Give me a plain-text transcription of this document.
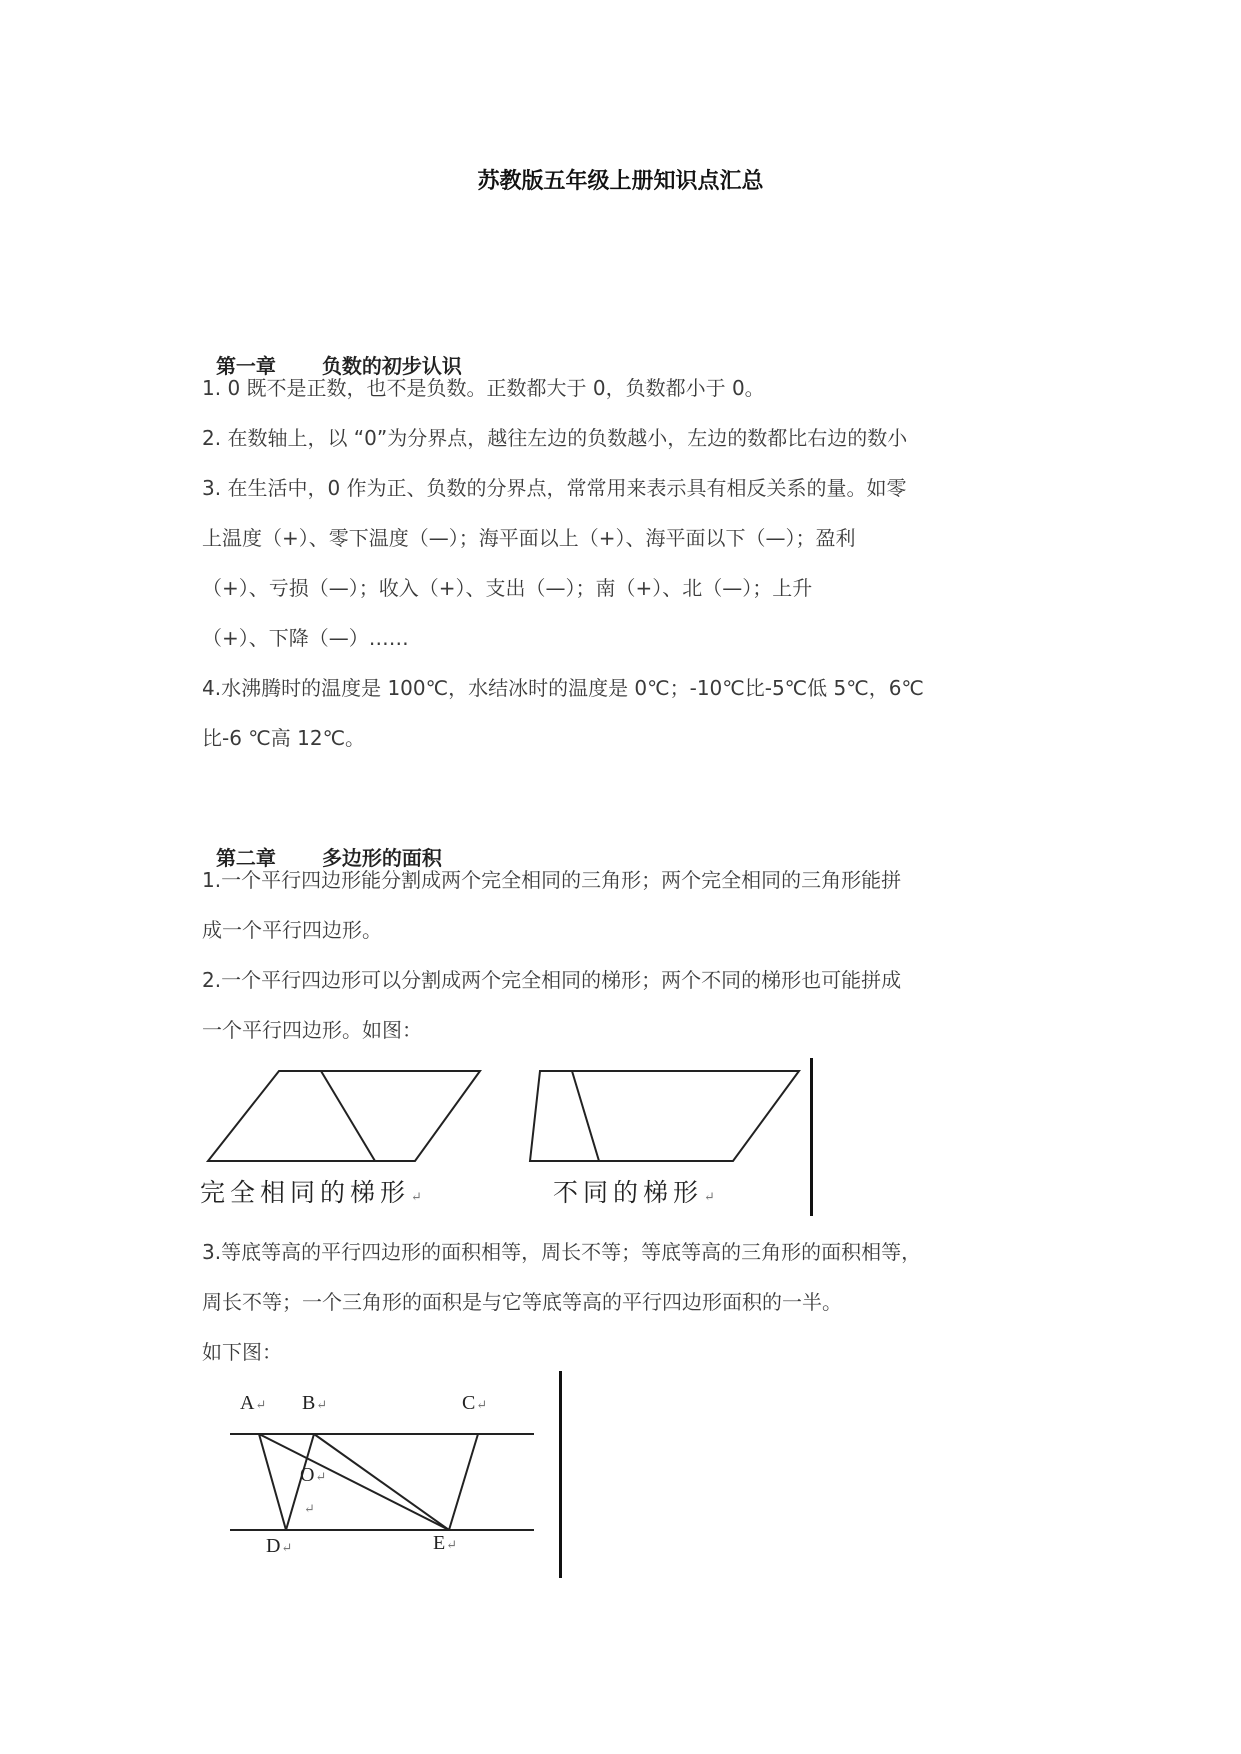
苏教版五年级上册知识点汇总

第一章 负数的初步认识

1. 0 既不是正数，也不是负数。正数都大于 0，负数都小于 0。
2. 在数轴上，以 “0”为分界点，越往左边的负数越小，左边的数都比右边的数小
3. 在生活中，0 作为正、负数的分界点，常常用来表示具有相反关系的量。如零
上温度（+）、零下温度（—）；海平面以上（+）、海平面以下（—）；盈利
（+）、亏损（—）；收入（+）、支出（—）；南（+）、北（—）；上升
（+）、下降（—）……
4.水沸腾时的温度是 100℃，水结冰时的温度是 0℃；-10℃比-5℃低 5℃，6℃
比-6 ℃高 12℃。

第二章 多边形的面积

1.一个平行四边形能分割成两个完全相同的三角形；两个完全相同的三角形能拼
成一个平行四边形。
2.一个平行四边形可以分割成两个完全相同的梯形；两个不同的梯形也可能拼成
一个平行四边形。如图：
完全相同的梯形↵	不同的梯形↵
3.等底等高的平行四边形的面积相等，周长不等；等底等高的三角形的面积相等，
周长不等；一个三角形的面积是与它等底等高的平行四边形面积的一半。
如下图：
A↵ B↵	C↵
O↵
↵
D↵	E↵
